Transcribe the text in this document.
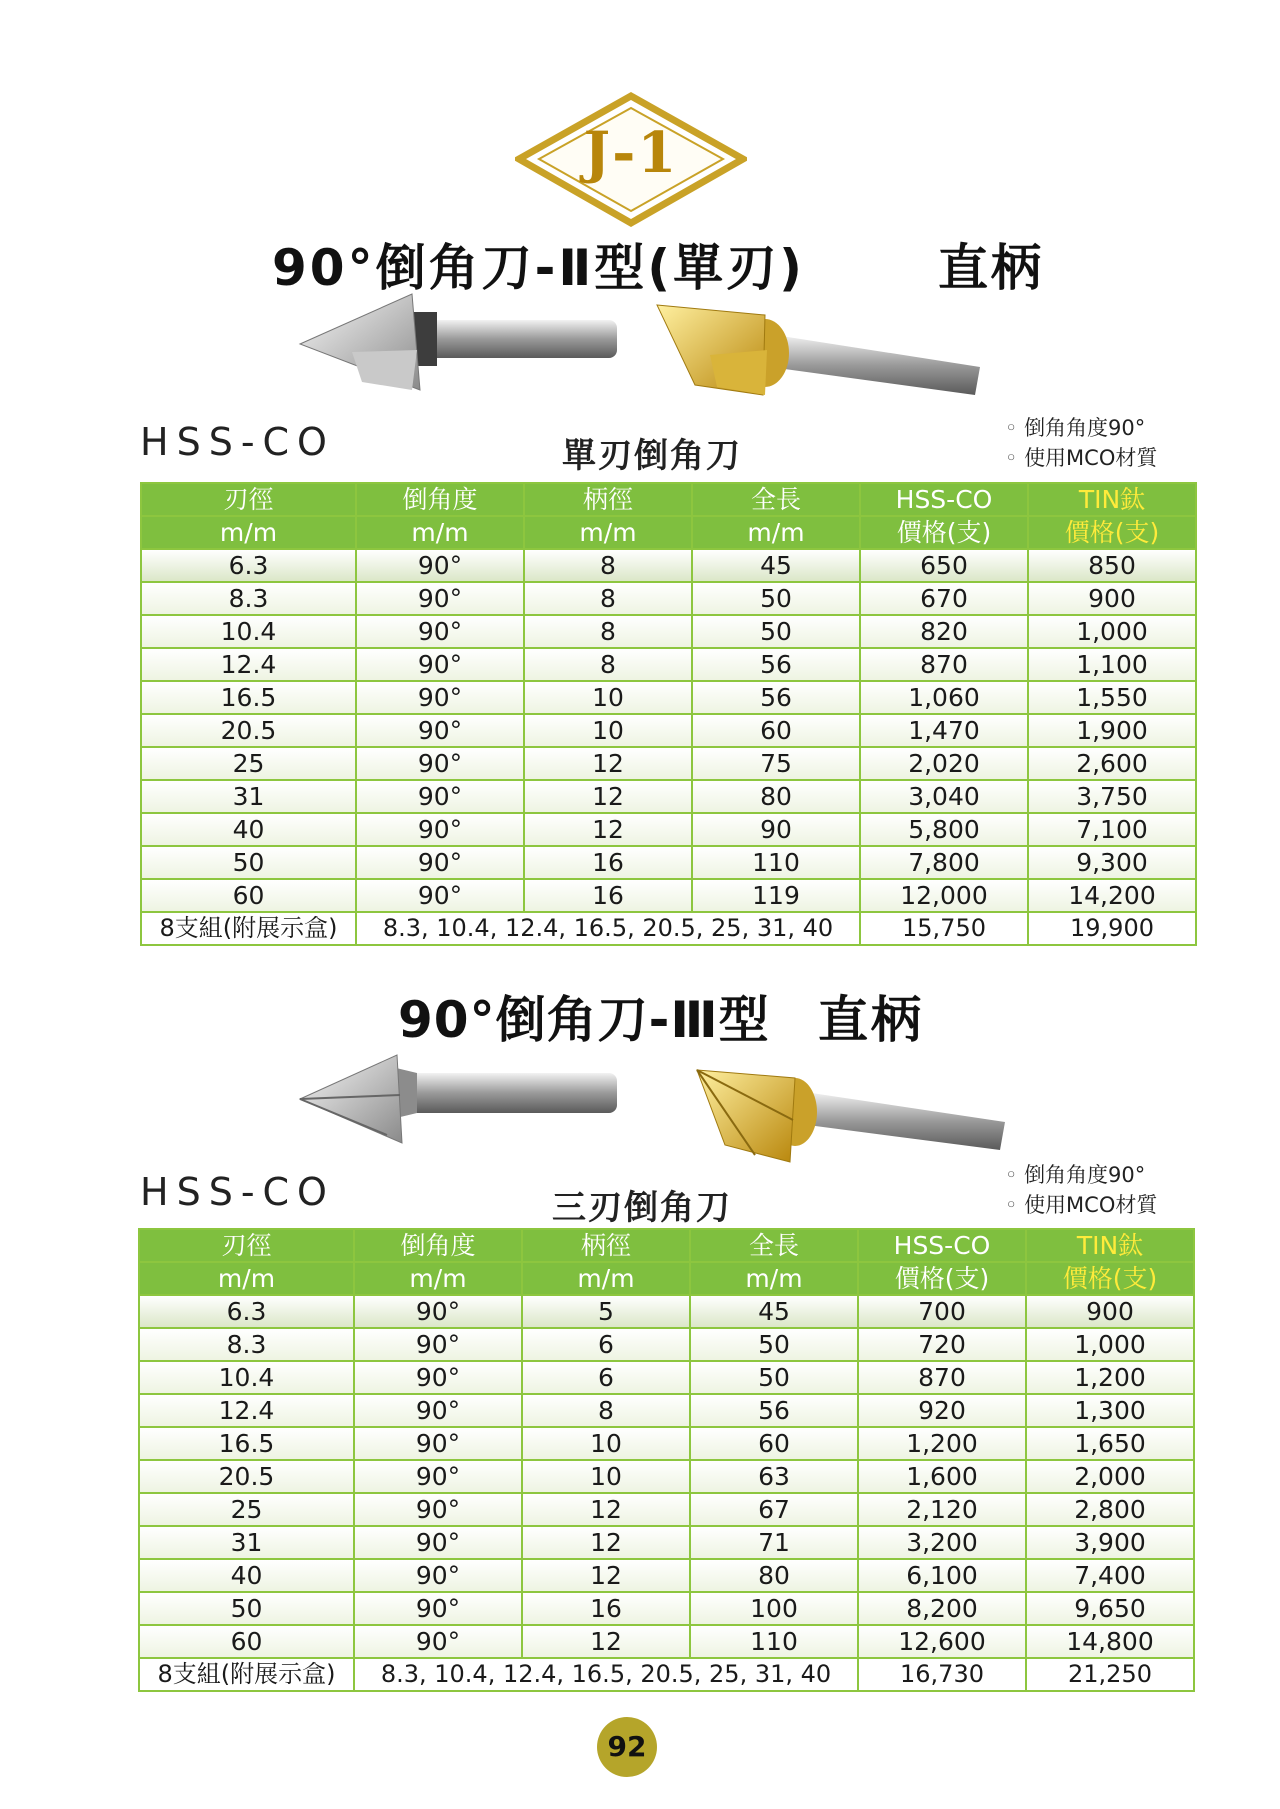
J-1
90°倒角刀-Ⅱ型(單刃)	直柄
HSS-CO	單刃倒角刀
◦ 倒角角度90°
◦ 使用MCO材質
刃徑	倒角度	柄徑	全長	HSS-CO	TIN鈦
m/m	m/m	m/m	m/m	價格(支)	價格(支)
6.3	90°	8	45	650	850
8.3	90°	8	50	670	900
10.4	90°	8	50	820	1,000
12.4	90°	8	56	870	1,100
16.5	90°	10	56	1,060	1,550
20.5	90°	10	60	1,470	1,900
25	90°	12	75	2,020	2,600
31	90°	12	80	3,040	3,750
40	90°	12	90	5,800	7,100
50	90°	16	110	7,800	9,300
60	90°	16	119	12,000	14,200
8支組(附展示盒)	8.3, 10.4, 12.4, 16.5, 20.5, 25, 31, 40			15,750	19,900
90°倒角刀-Ⅲ型 直柄
HSS-CO	三刃倒角刀
◦ 倒角角度90°
◦ 使用MCO材質
刃徑	倒角度	柄徑	全長	HSS-CO	TIN鈦
m/m	m/m	m/m	m/m	價格(支)	價格(支)
6.3	90°	5	45	700	900
8.3	90°	6	50	720	1,000
10.4	90°	6	50	870	1,200
12.4	90°	8	56	920	1,300
16.5	90°	10	60	1,200	1,650
20.5	90°	10	63	1,600	2,000
25	90°	12	67	2,120	2,800
31	90°	12	71	3,200	3,900
40	90°	12	80	6,100	7,400
50	90°	16	100	8,200	9,650
60	90°	12	110	12,600	14,800
8支組(附展示盒)	8.3, 10.4, 12.4, 16.5, 20.5, 25, 31, 40			16,730	21,250
92
